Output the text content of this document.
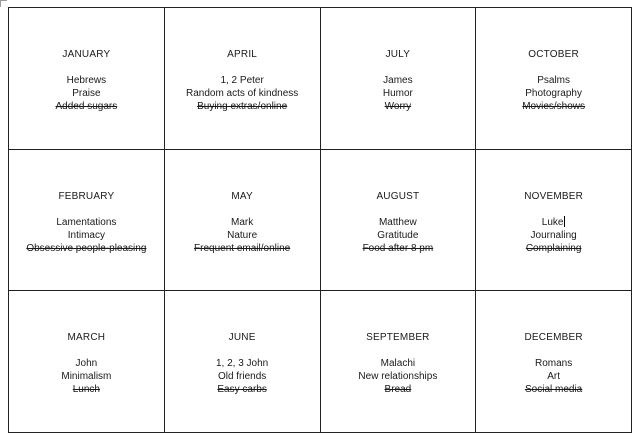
JANUARY
Hebrews
Praise
Added sugars
APRIL
1, 2 Peter
Random acts of kindness
Buying extras/online
JULY
James
Humor
Worry
OCTOBER
Psalms
Photography
Movies/shows
FEBRUARY
Lamentations
Intimacy
Obsessive people-pleasing
MAY
Mark
Nature
Frequent email/online
AUGUST
Matthew
Gratitude
Food after 8 pm
NOVEMBER
Luke
Journaling
Complaining
MARCH
John
Minimalism
Lunch
JUNE
1, 2, 3 John
Old friends
Easy carbs
SEPTEMBER
Malachi
New relationships
Bread
DECEMBER
Romans
Art
Social media
